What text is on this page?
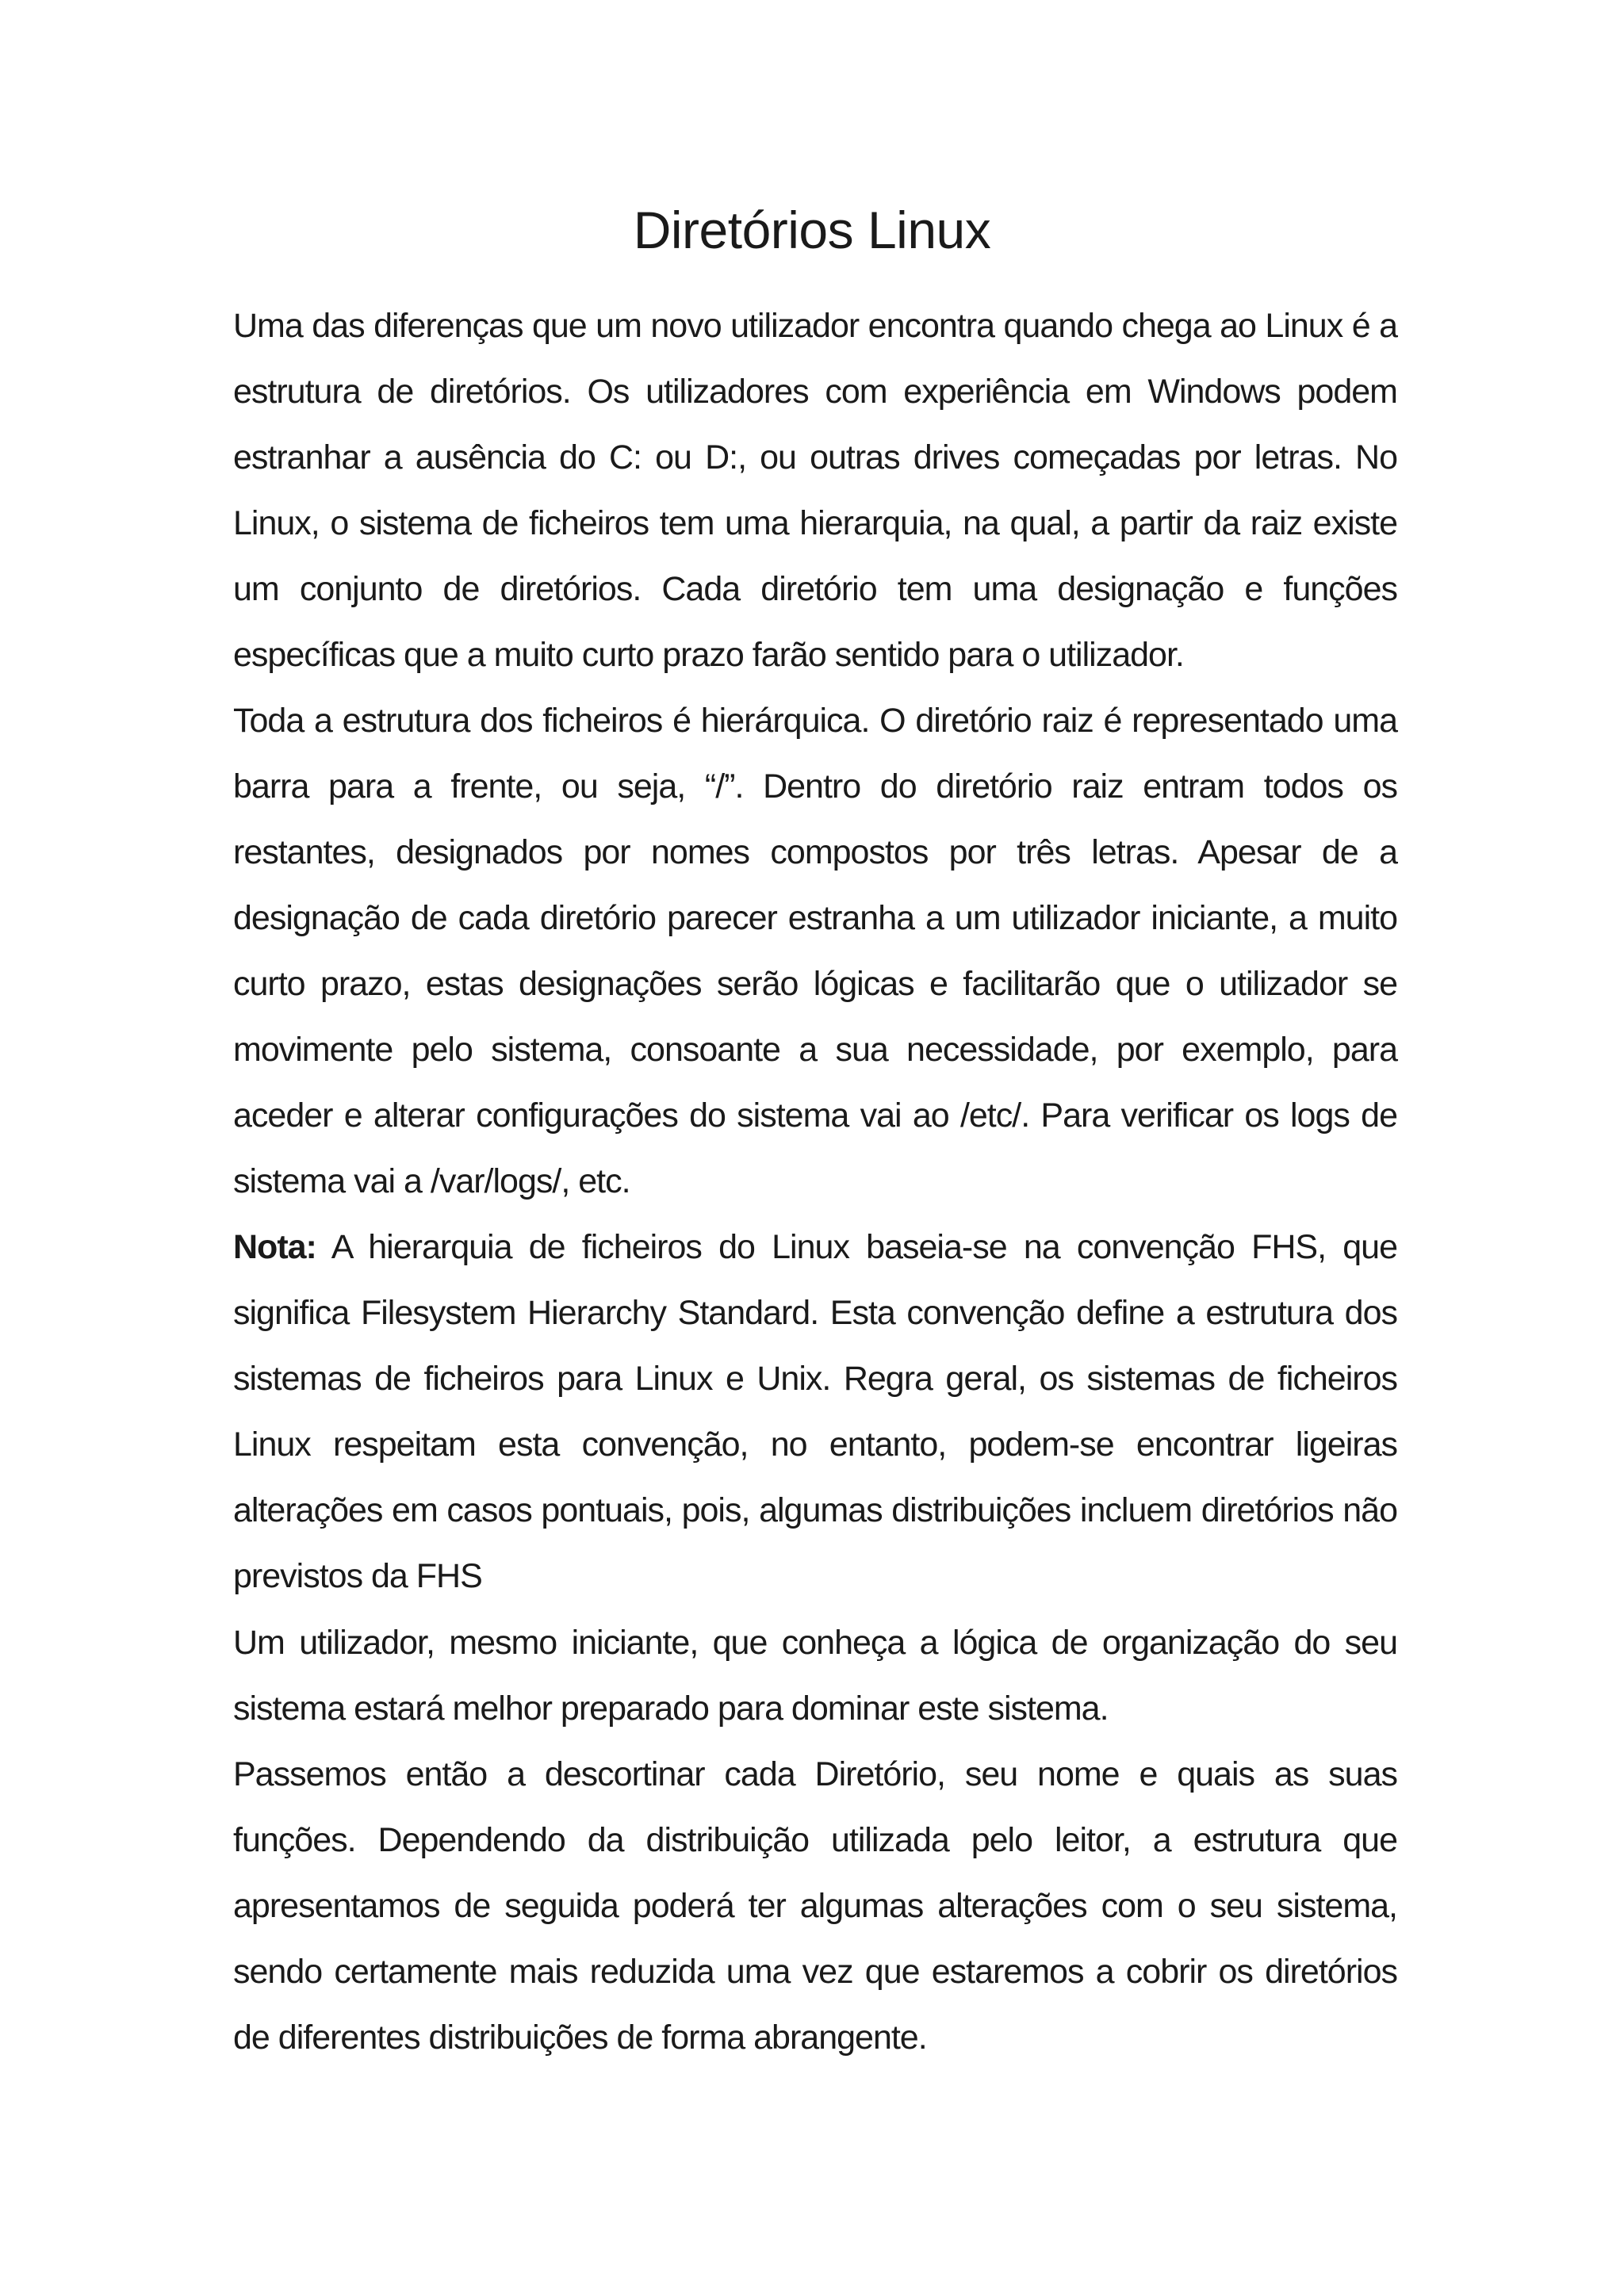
Diretórios Linux

Uma das diferenças que um novo utilizador encontra quando chega ao Linux é a estrutura de diretórios. Os utilizadores com experiência em Windows podem estranhar a ausência do C: ou D:, ou outras drives começadas por letras. No Linux, o sistema de ficheiros tem uma hierarquia, na qual, a partir da raiz existe um conjunto de diretórios. Cada diretório tem uma designação e funções específicas que a muito curto prazo farão sentido para o utilizador.

Toda a estrutura dos ficheiros é hierárquica. O diretório raiz é representado uma barra para a frente, ou seja, “/”. Dentro do diretório raiz entram todos os restantes, designados por nomes compostos por três letras. Apesar de a designação de cada diretório parecer estranha a um utilizador iniciante, a muito curto prazo, estas designações serão lógicas e facilitarão que o utilizador se movimente pelo sistema, consoante a sua necessidade, por exemplo, para aceder e alterar configurações do sistema vai ao /etc/. Para verificar os logs de sistema vai a /var/logs/, etc.

Nota: A hierarquia de ficheiros do Linux baseia-se na convenção FHS, que significa Filesystem Hierarchy Standard. Esta convenção define a estrutura dos sistemas de ficheiros para Linux e Unix. Regra geral, os sistemas de ficheiros Linux respeitam esta convenção, no entanto, podem-se encontrar ligeiras alterações em casos pontuais, pois, algumas distribuições incluem diretórios não previstos da FHS

Um utilizador, mesmo iniciante, que conheça a lógica de organização do seu sistema estará melhor preparado para dominar este sistema.

Passemos então a descortinar cada Diretório, seu nome e quais as suas funções. Dependendo da distribuição utilizada pelo leitor, a estrutura que apresentamos de seguida poderá ter algumas alterações com o seu sistema, sendo certamente mais reduzida uma vez que estaremos a cobrir os diretórios de diferentes distribuições de forma abrangente.
